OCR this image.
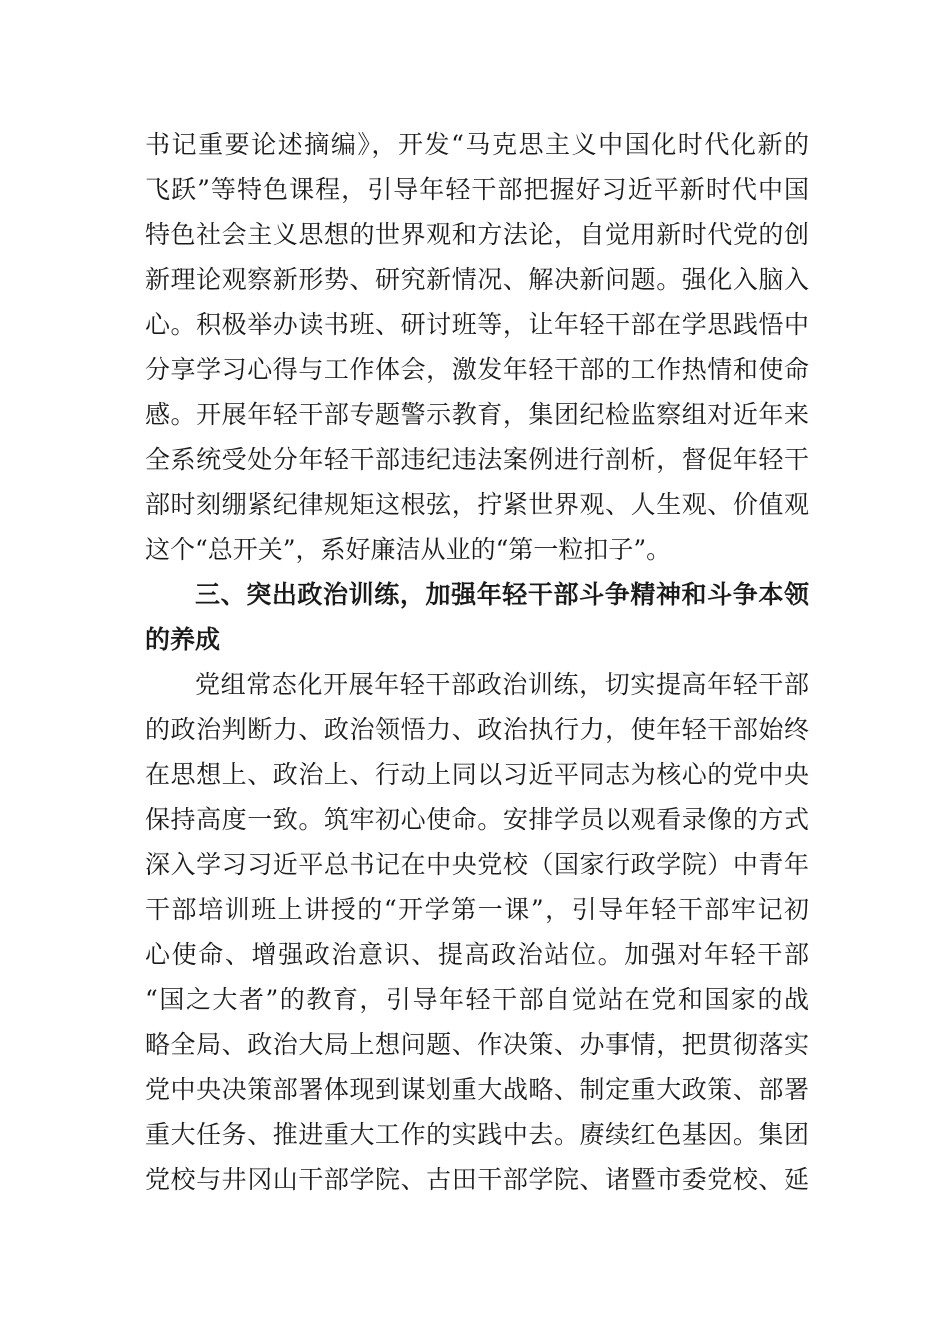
书记重要论述摘编》，开发“马克思主义中国化时代化新的
飞跃”等特色课程，引导年轻干部把握好习近平新时代中国
特色社会主义思想的世界观和方法论，自觉用新时代党的创
新理论观察新形势、研究新情况、解决新问题。强化入脑入
心。积极举办读书班、研讨班等，让年轻干部在学思践悟中
分享学习心得与工作体会，激发年轻干部的工作热情和使命
感。开展年轻干部专题警示教育，集团纪检监察组对近年来
全系统受处分年轻干部违纪违法案例进行剖析，督促年轻干
部时刻绷紧纪律规矩这根弦，拧紧世界观、人生观、价值观
这个“总开关”，系好廉洁从业的“第一粒扣子”。
三、突出政治训练，加强年轻干部斗争精神和斗争本领
的养成
党组常态化开展年轻干部政治训练，切实提高年轻干部
的政治判断力、政治领悟力、政治执行力，使年轻干部始终
在思想上、政治上、行动上同以习近平同志为核心的党中央
保持高度一致。筑牢初心使命。安排学员以观看录像的方式
深入学习习近平总书记在中央党校（国家行政学院）中青年
干部培训班上讲授的“开学第一课”，引导年轻干部牢记初
心使命、增强政治意识、提高政治站位。加强对年轻干部
“国之大者”的教育，引导年轻干部自觉站在党和国家的战
略全局、政治大局上想问题、作决策、办事情，把贯彻落实
党中央决策部署体现到谋划重大战略、制定重大政策、部署
重大任务、推进重大工作的实践中去。赓续红色基因。集团
党校与井冈山干部学院、古田干部学院、诸暨市委党校、延
